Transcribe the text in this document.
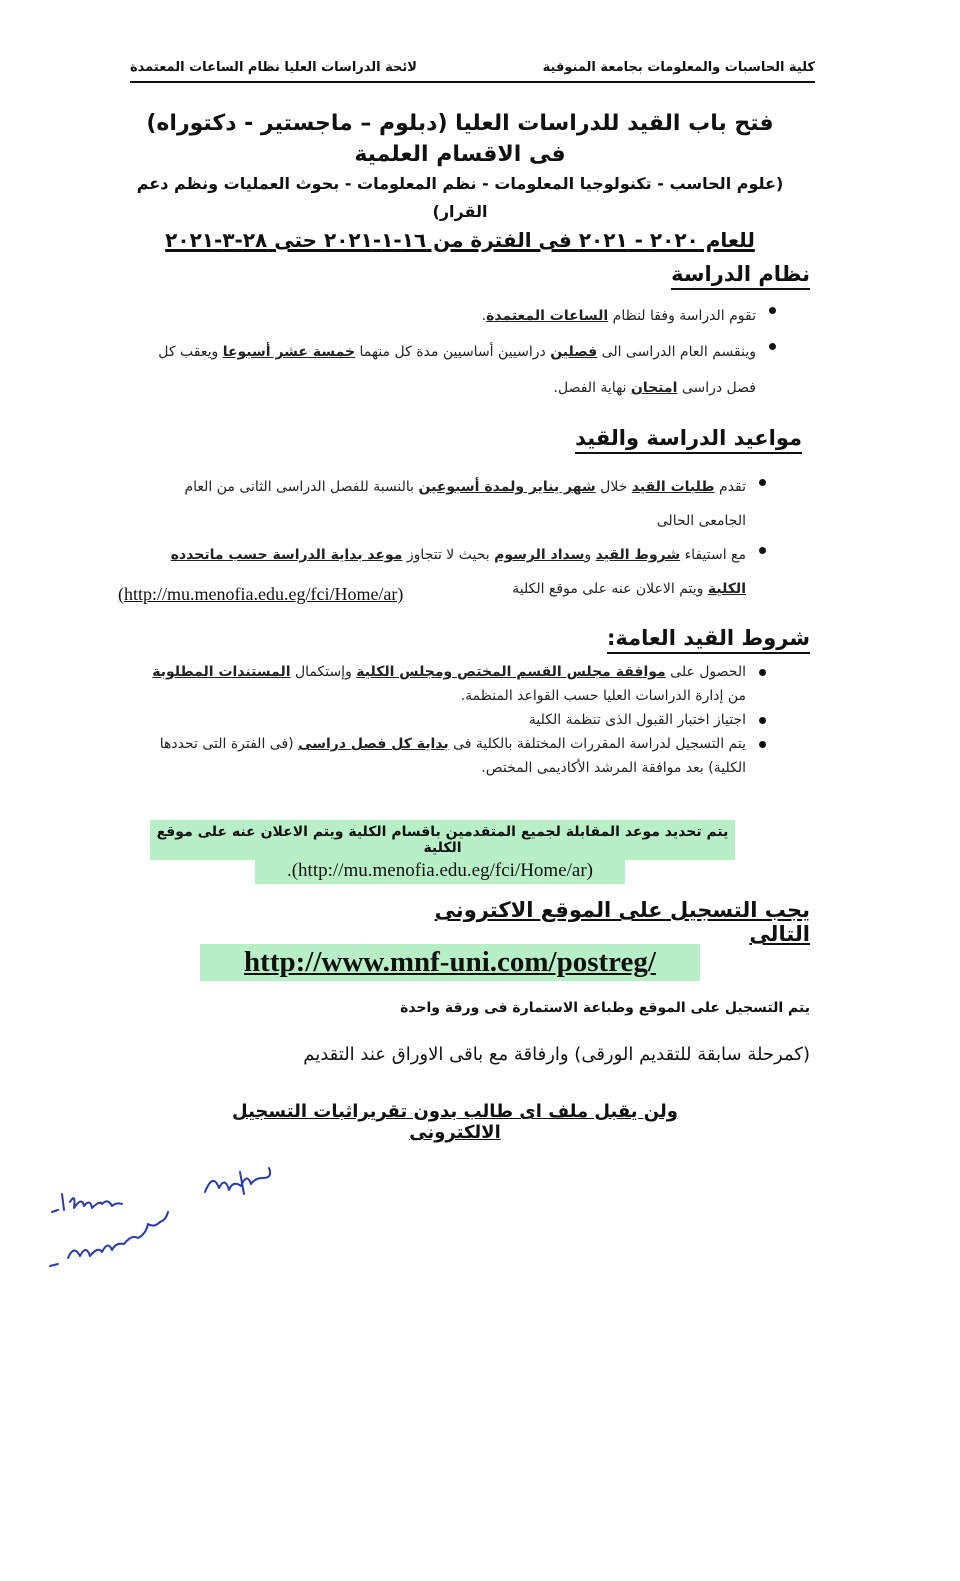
كلية الحاسبات والمعلومات بجامعة المنوفية
لائحة الدراسات العليا نظام الساعات المعتمدة
فتح باب القيد للدراسات العليا (دبلوم – ماجستير - دكتوراه)
فى الاقسام العلمية
(علوم الحاسب - تكنولوجيا المعلومات - نظم المعلومات - بحوث العمليات ونظم دعم القرار)
للعام ٢٠٢٠ - ٢٠٢١ فى الفترة من ١٦-١-٢٠٢١ حتى ٢٨-٣-٢٠٢١
نظام الدراسة
تقوم الدراسة وفقا لنظام الساعات المعتمدة.
وينقسم العام الدراسى الى فصلين دراسيين أساسيين مدة كل منهما خمسة عشر أسبوعا ويعقب كل فصل دراسى امتحان نهاية الفصل.
مواعيد الدراسة والقيد
تقدم طلبات القيد خلال شهر يناير ولمدة أسبوعين بالنسبة للفصل الدراسى الثانى من العام الجامعى الحالى
مع استيفاء شروط القيد وسداد الرسوم بحيث لا تتجاوز موعد بداية الدراسة حسب ماتحدده الكلية ويتم الاعلان عنه على موقع الكلية
(http://mu.menofia.edu.eg/fci/Home/ar)
شروط القيد العامة:
الحصول على موافقة مجلس القسم المختص ومجلس الكلية وإستكمال المستندات المطلوبة من إدارة الدراسات العليا حسب القواعد المنظمة.
اجتياز اختبار القبول الذى تنظمة الكلية
يتم التسجيل لدراسة المقررات المختلفة بالكلية فى بداية كل فصل دراسى (فى الفترة التى تحددها الكلية) بعد موافقة المرشد الأكاديمى المختص.
يتم تحديد موعد المقابلة لجميع المتقدمين باقسام الكلية ويتم الاعلان عنه على موقع الكلية
.(http://mu.menofia.edu.eg/fci/Home/ar)
يجب التسجيل على الموقع الاكترونى التالى
http://www.mnf-uni.com/postreg/
يتم التسجيل على الموقع وطباعة الاستمارة فى ورقة واحدة
(كمرحلة سابقة للتقديم الورقى) وارفاقة مع باقى الاوراق عند التقديم
ولن يقبل ملف اى طالب بدون تقريراثبات التسجيل الالكترونى
